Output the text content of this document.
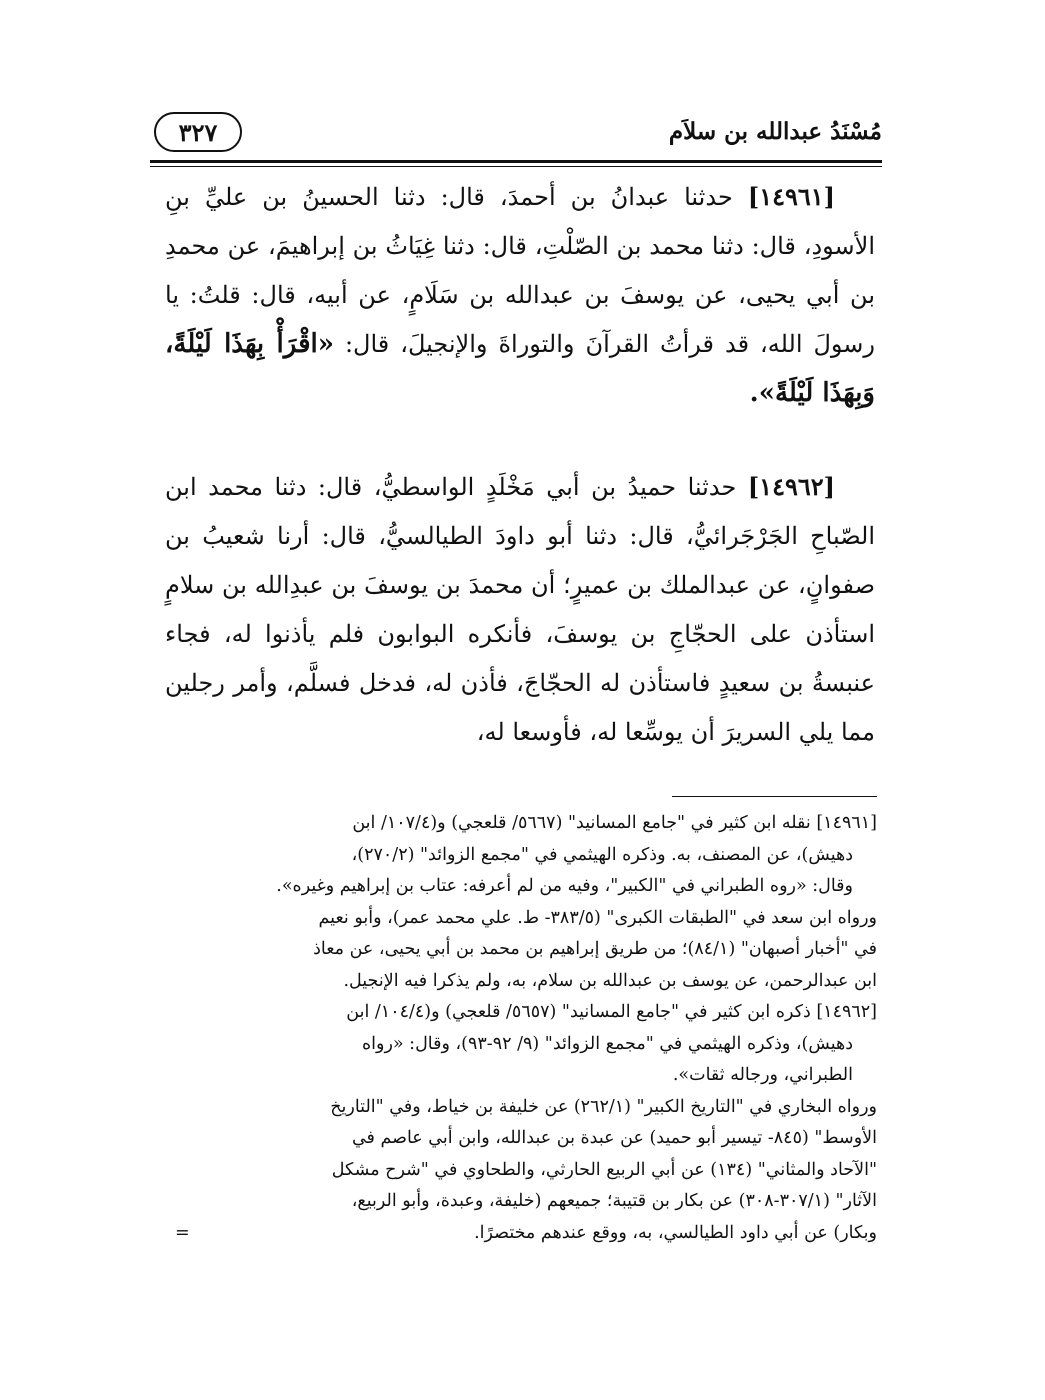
مُسْنَدُ عبدالله بن سلاَم
٣٢٧

[١٤٩٦١] حدثنا عبدانُ بن أحمدَ، قال: دثنا الحسينُ بن عليِّ بنِ الأسودِ، قال: دثنا محمد بن الصّلْتِ، قال: دثنا غِيَاثُ بن إبراهيمَ، عن محمدِ بن أبي يحيى، عن يوسفَ بن عبدالله بن سَلَامٍ، عن أبيه، قال: قلتُ: يا رسولَ الله، قد قرأتُ القرآنَ والتوراةَ والإنجيلَ، قال: «اقْرَأْ بِهَذَا لَيْلَةً، وَبِهَذَا لَيْلَةً».

[١٤٩٦٢] حدثنا حميدُ بن أبي مَخْلَدٍ الواسطيُّ، قال: دثنا محمد ابن الصّباحِ الجَرْجَرائيُّ، قال: دثنا أبو داودَ الطيالسيُّ، قال: أرنا شعيبُ بن صفوانٍ، عن عبدالملك بن عميرٍ؛ أن محمدَ بن يوسفَ بن عبدِالله بن سلامٍ استأذن على الحجّاجِ بن يوسفَ، فأنكره البوابون فلم يأذنوا له، فجاء عنبسةُ بن سعيدٍ فاستأذن له الحجّاجَ، فأذن له، فدخل فسلَّم، وأمر رجلين مما يلي السريرَ أن يوسِّعا له، فأوسعا له،

[١٤٩٦١] نقله ابن كثير في "جامع المسانيد" (٥٦٦٧/ قلعجي) و(١٠٧/٤/ ابن
دهيش)، عن المصنف، به. وذكره الهيثمي في "مجمع الزوائد" (٢٧٠/٢)،
وقال: «روه الطبراني في "الكبير"، وفيه من لم أعرفه: عتاب بن إبراهيم وغيره».
ورواه ابن سعد في "الطبقات الكبرى" (٣٨٣/٥- ط. علي محمد عمر)، وأبو نعيم
في "أخبار أصبهان" (٨٤/١)؛ من طريق إبراهيم بن محمد بن أبي يحيى، عن معاذ
ابن عبدالرحمن، عن يوسف بن عبدالله بن سلام، به، ولم يذكرا فيه الإنجيل.
[١٤٩٦٢] ذكره ابن كثير في "جامع المسانيد" (٥٦٥٧/ قلعجي) و(١٠٤/٤/ ابن
دهيش)، وذكره الهيثمي في "مجمع الزوائد" (٩/ ٩٢-٩٣)، وقال: «رواه
الطبراني، ورجاله ثقات».
ورواه البخاري في "التاريخ الكبير" (٢٦٢/١) عن خليفة بن خياط، وفي "التاريخ
الأوسط" (٨٤٥- تيسير أبو حميد) عن عبدة بن عبدالله، وابن أبي عاصم في
"الآحاد والمثاني" (١٣٤) عن أبي الربيع الحارثي، والطحاوي في "شرح مشكل
الآثار" (٣٠٧/١-٣٠٨) عن بكار بن قتيبة؛ جميعهم (خليفة، وعبدة، وأبو الربيع،
وبكار) عن أبي داود الطيالسي، به، ووقع عندهم مختصرًا.
=
